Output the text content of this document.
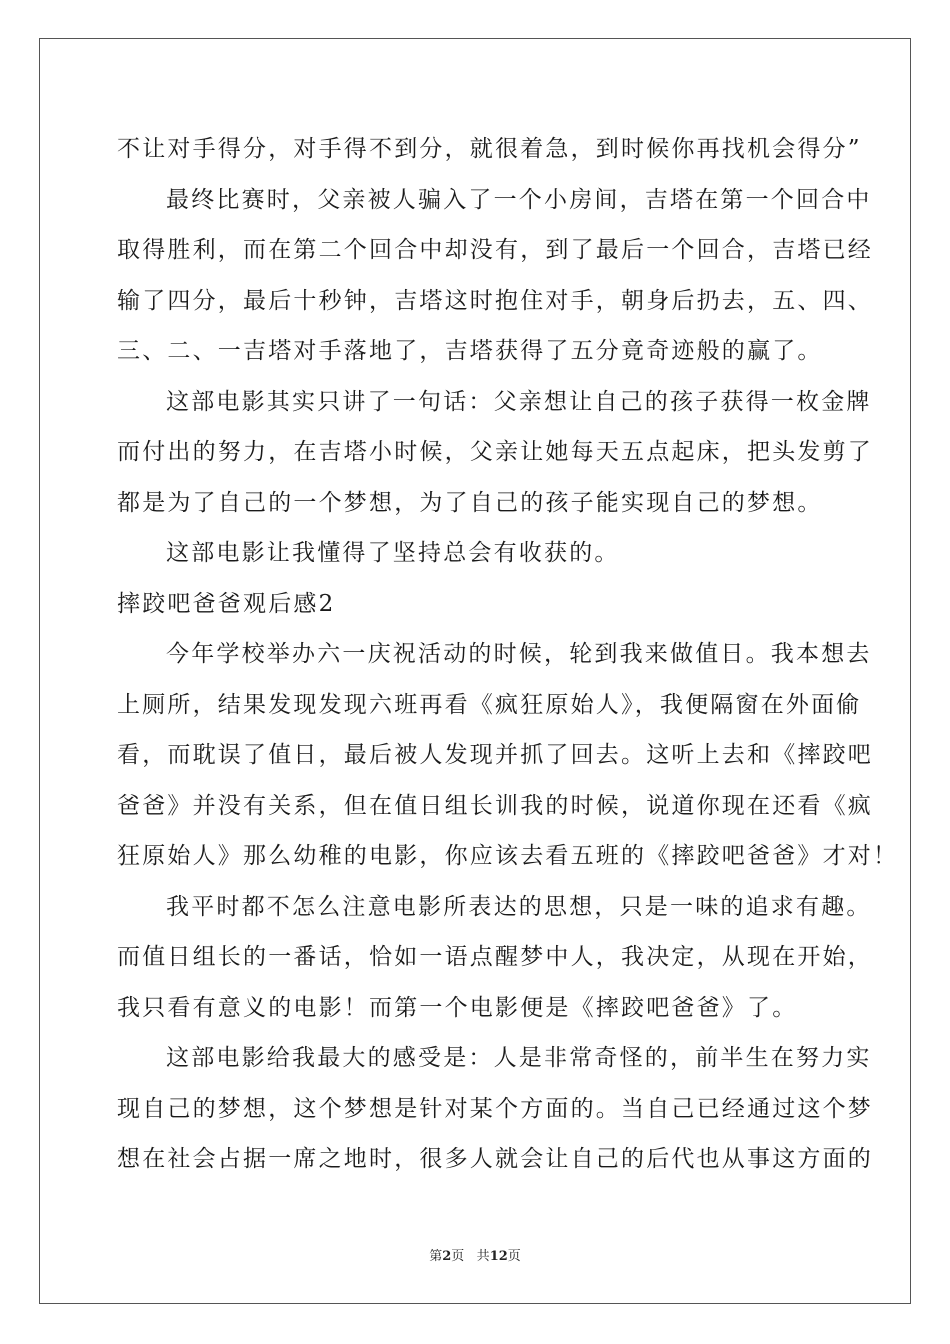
不让对手得分，对手得不到分，就很着急，到时候你再找机会得分”
最终比赛时，父亲被人骗入了一个小房间，吉塔在第一个回合中
取得胜利，而在第二个回合中却没有，到了最后一个回合，吉塔已经
输了四分，最后十秒钟，吉塔这时抱住对手，朝身后扔去，五、四、
三、二、一吉塔对手落地了，吉塔获得了五分竟奇迹般的赢了。
这部电影其实只讲了一句话：父亲想让自己的孩子获得一枚金牌
而付出的努力，在吉塔小时候，父亲让她每天五点起床，把头发剪了
都是为了自己的一个梦想，为了自己的孩子能实现自己的梦想。
这部电影让我懂得了坚持总会有收获的。
摔跤吧爸爸观后感2
今年学校举办六一庆祝活动的时候，轮到我来做值日。我本想去
上厕所，结果发现发现六班再看《疯狂原始人》，我便隔窗在外面偷
看，而耽误了值日，最后被人发现并抓了回去。这听上去和《摔跤吧
爸爸》并没有关系，但在值日组长训我的时候，说道你现在还看《疯
狂原始人》那么幼稚的电影，你应该去看五班的《摔跤吧爸爸》才对！
我平时都不怎么注意电影所表达的思想，只是一味的追求有趣。
而值日组长的一番话，恰如一语点醒梦中人，我决定，从现在开始，
我只看有意义的电影！而第一个电影便是《摔跤吧爸爸》了。
这部电影给我最大的感受是：人是非常奇怪的，前半生在努力实
现自己的梦想，这个梦想是针对某个方面的。当自己已经通过这个梦
想在社会占据一席之地时，很多人就会让自己的后代也从事这方面的
第2页 共12页
